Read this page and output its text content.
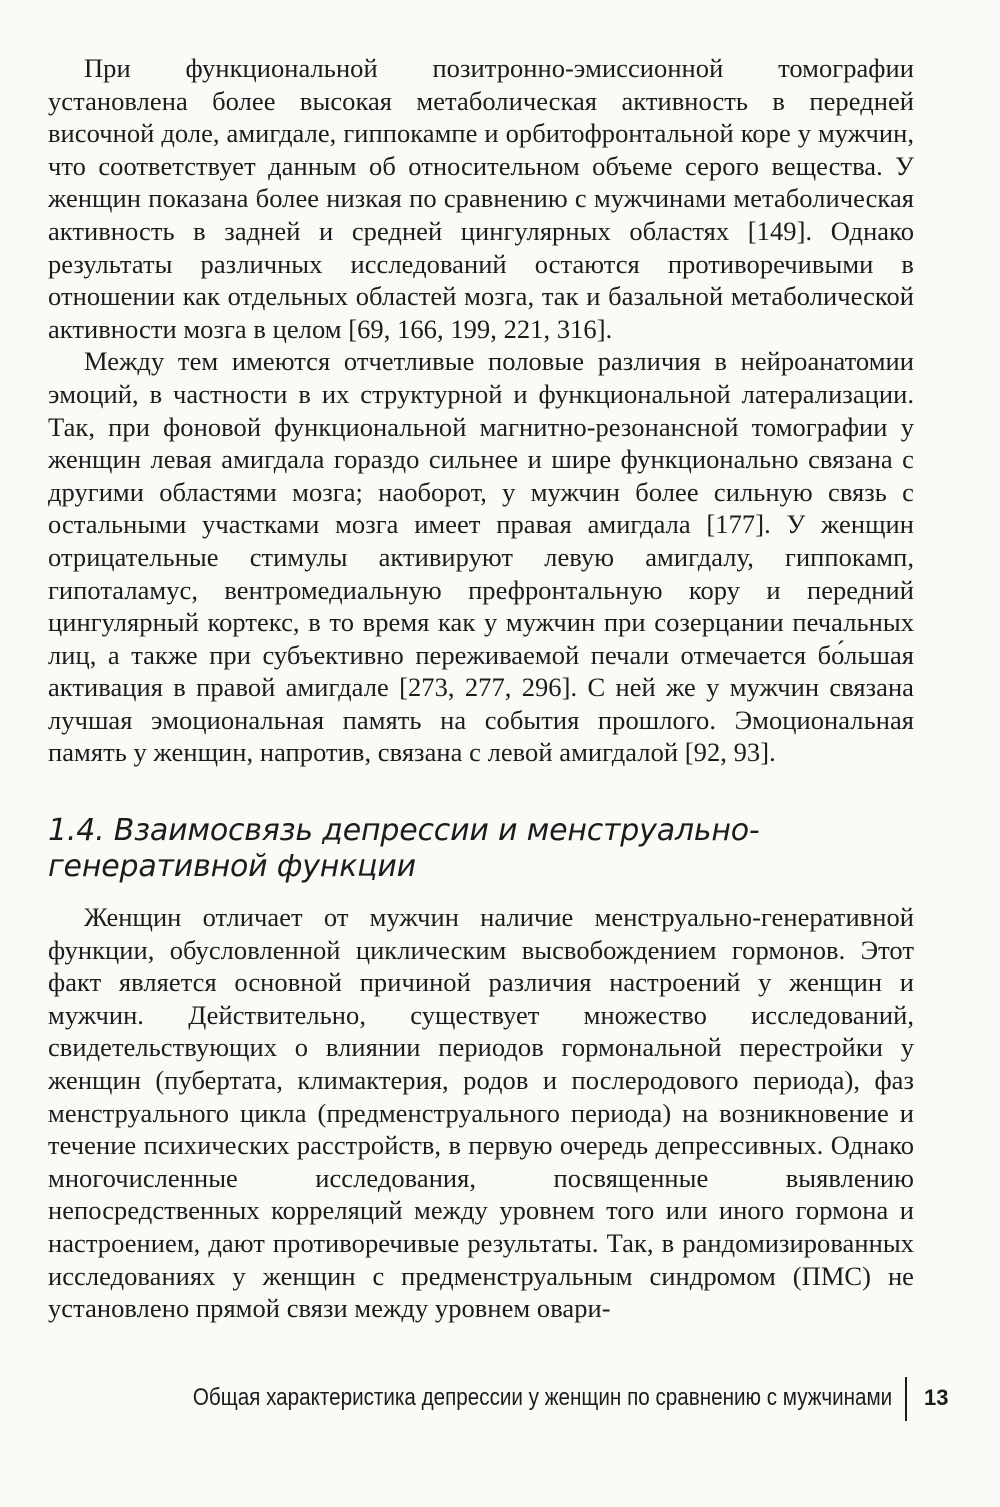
При функциональной позитронно-эмиссионной томографии установлена более высокая метаболическая активность в передней височной доле, амигдале, гиппокампе и орбитофронтальной коре у мужчин, что соответствует данным об относительном объеме серого вещества. У женщин показана более низкая по сравнению с мужчинами метаболическая активность в задней и средней цингулярных областях [149]. Однако результаты различных исследований остаются противоречивыми в отношении как отдельных областей мозга, так и базальной метаболической активности мозга в целом [69, 166, 199, 221, 316].

Между тем имеются отчетливые половые различия в нейроанатомии эмоций, в частности в их структурной и функциональной латерализации. Так, при фоновой функциональной магнитно-резонансной томографии у женщин левая амигдала гораздо сильнее и шире функционально связана с другими областями мозга; наоборот, у мужчин более сильную связь с остальными участками мозга имеет правая амигдала [177]. У женщин отрицательные стимулы активируют левую амигдалу, гиппокамп, гипоталамус, вентромедиальную префронтальную кору и передний цингулярный кортекс, в то время как у мужчин при созерцании печальных лиц, а также при субъективно переживаемой печали отмечается бо́льшая активация в правой амигдале [273, 277, 296]. С ней же у мужчин связана лучшая эмоциональная память на события прошлого. Эмоциональная память у женщин, напротив, связана с левой амигдалой [92, 93].

1.4. Взаимосвязь депрессии и менструально-
генеративной функции

Женщин отличает от мужчин наличие менструально-генеративной функции, обусловленной циклическим высвобождением гормонов. Этот факт является основной причиной различия настроений у женщин и мужчин. Действительно, существует множество исследований, свидетельствующих о влиянии периодов гормональной перестройки у женщин (пубертата, климактерия, родов и послеродового периода), фаз менструального цикла (предменструального периода) на возникновение и течение психических расстройств, в первую очередь депрессивных. Однако многочисленные исследования, посвященные выявлению непосредственных корреляций между уровнем того или иного гормона и настроением, дают противоречивые результаты. Так, в рандомизированных исследованиях у женщин с предменструальным синдромом (ПМС) не установлено прямой связи между уровнем овари-

Общая характеристика депрессии у женщин по сравнению с мужчинами 13
